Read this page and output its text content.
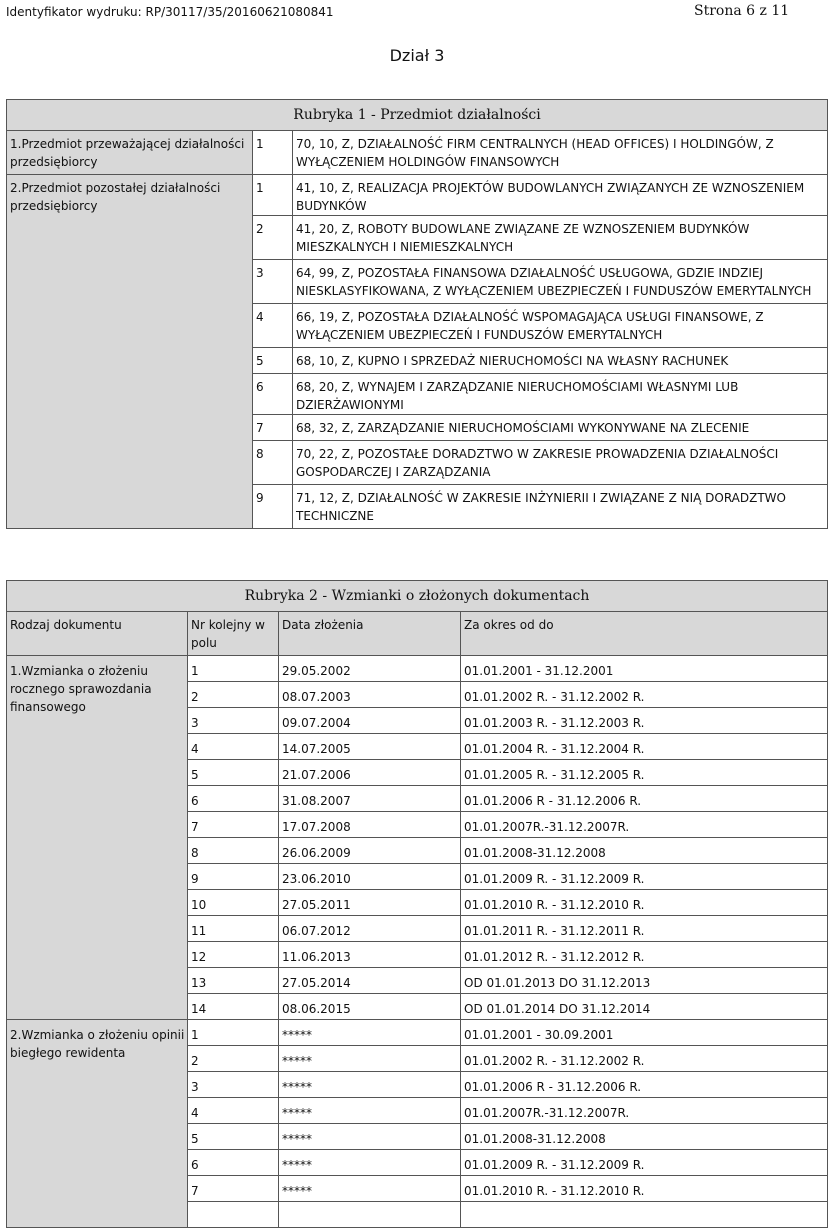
Identyfikator wydruku: RP/30117/35/20160621080841	Strona 6 z 11
Dział 3
Rubryka 1 - Przedmiot działalności		
1.Przedmiot przeważającej działalności przedsiębiorcy	1	70, 10, Z, DZIAŁALNOŚĆ FIRM CENTRALNYCH (HEAD OFFICES) I HOLDINGÓW, Z WYŁĄCZENIEM HOLDINGÓW FINANSOWYCH
2.Przedmiot pozostałej działalności przedsiębiorcy	1	41, 10, Z, REALIZACJA PROJEKTÓW BUDOWLANYCH ZWIĄZANYCH ZE WZNOSZENIEM BUDYNKÓW
	2	41, 20, Z, ROBOTY BUDOWLANE ZWIĄZANE ZE WZNOSZENIEM BUDYNKÓW MIESZKALNYCH I NIEMIESZKALNYCH
	3	64, 99, Z, POZOSTAŁA FINANSOWA DZIAŁALNOŚĆ USŁUGOWA, GDZIE INDZIEJ NIESKLASYFIKOWANA, Z WYŁĄCZENIEM UBEZPIECZEŃ I FUNDUSZÓW EMERYTALNYCH
	4	66, 19, Z, POZOSTAŁA DZIAŁALNOŚĆ WSPOMAGAJĄCA USŁUGI FINANSOWE, Z WYŁĄCZENIEM UBEZPIECZEŃ I FUNDUSZÓW EMERYTALNYCH
	5	68, 10, Z, KUPNO I SPRZEDAŻ NIERUCHOMOŚCI NA WŁASNY RACHUNEK
	6	68, 20, Z, WYNAJEM I ZARZĄDZANIE NIERUCHOMOŚCIAMI WŁASNYMI LUB DZIERŻAWIONYMI
	7	68, 32, Z, ZARZĄDZANIE NIERUCHOMOŚCIAMI WYKONYWANE NA ZLECENIE
	8	70, 22, Z, POZOSTAŁE DORADZTWO W ZAKRESIE PROWADZENIA DZIAŁALNOŚCI GOSPODARCZEJ I ZARZĄDZANIA
	9	71, 12, Z, DZIAŁALNOŚĆ W ZAKRESIE INŻYNIERII I ZWIĄZANE Z NIĄ DORADZTWO TECHNICZNE
Rubryka 2 - Wzmianki o złożonych dokumentach			
Rodzaj dokumentu	Nr kolejny w polu	Data złożenia	Za okres od do
1.Wzmianka o złożeniu rocznego sprawozdania finansowego	1	29.05.2002	01.01.2001 - 31.12.2001
	2	08.07.2003	01.01.2002 R. - 31.12.2002 R.
	3	09.07.2004	01.01.2003 R. - 31.12.2003 R.
	4	14.07.2005	01.01.2004 R. - 31.12.2004 R.
	5	21.07.2006	01.01.2005 R. - 31.12.2005 R.
	6	31.08.2007	01.01.2006 R - 31.12.2006 R.
	7	17.07.2008	01.01.2007R.-31.12.2007R.
	8	26.06.2009	01.01.2008-31.12.2008
	9	23.06.2010	01.01.2009 R. - 31.12.2009 R.
	10	27.05.2011	01.01.2010 R. - 31.12.2010 R.
	11	06.07.2012	01.01.2011 R. - 31.12.2011 R.
	12	11.06.2013	01.01.2012 R. - 31.12.2012 R.
	13	27.05.2014	OD 01.01.2013 DO 31.12.2013
	14	08.06.2015	OD 01.01.2014 DO 31.12.2014
2.Wzmianka o złożeniu opinii biegłego rewidenta	1	*****	01.01.2001 - 30.09.2001
	2	*****	01.01.2002 R. - 31.12.2002 R.
	3	*****	01.01.2006 R - 31.12.2006 R.
	4	*****	01.01.2007R.-31.12.2007R.
	5	*****	01.01.2008-31.12.2008
	6	*****	01.01.2009 R. - 31.12.2009 R.
	7	*****	01.01.2010 R. - 31.12.2010 R.
